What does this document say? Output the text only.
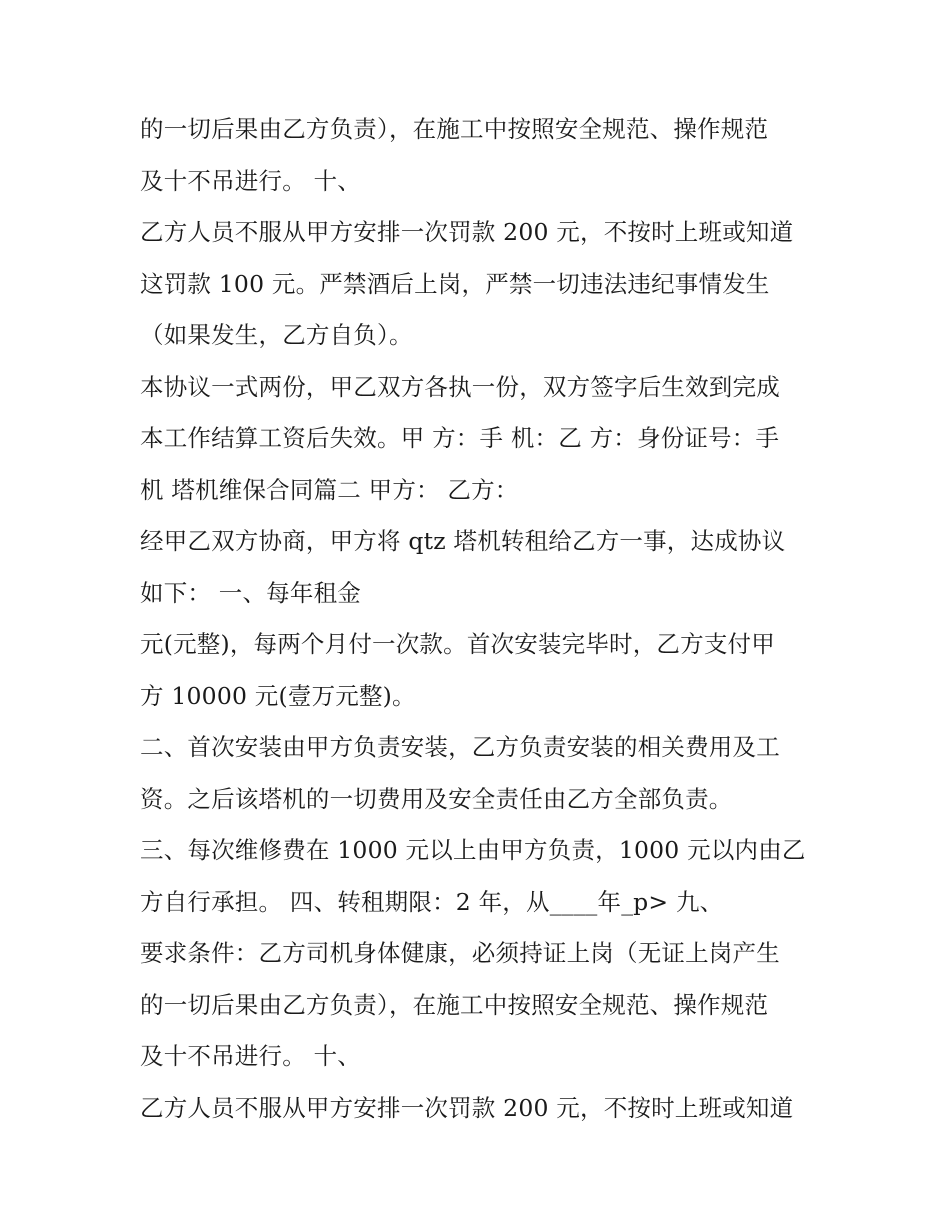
的一切后果由乙方负责），在施工中按照安全规范、操作规范
及十不吊进行。 十、
乙方人员不服从甲方安排一次罚款 200 元，不按时上班或知道
这罚款 100 元。严禁酒后上岗，严禁一切违法违纪事情发生
（如果发生，乙方自负）。
本协议一式两份，甲乙双方各执一份，双方签字后生效到完成
本工作结算工资后失效。甲 方：手 机：乙 方：身份证号：手
机 塔机维保合同篇二 甲方： 乙方：
经甲乙双方协商，甲方将 qtz 塔机转租给乙方一事，达成协议
如下： 一、每年租金
元(元整)，每两个月付一次款。首次安装完毕时，乙方支付甲
方 10000 元(壹万元整)。
二、首次安装由甲方负责安装，乙方负责安装的相关费用及工
资。之后该塔机的一切费用及安全责任由乙方全部负责。
三、每次维修费在 1000 元以上由甲方负责，1000 元以内由乙
方自行承担。 四、转租期限：2 年，从____年_p> 九、
要求条件：乙方司机身体健康，必须持证上岗（无证上岗产生
的一切后果由乙方负责），在施工中按照安全规范、操作规范
及十不吊进行。 十、
乙方人员不服从甲方安排一次罚款 200 元，不按时上班或知道
